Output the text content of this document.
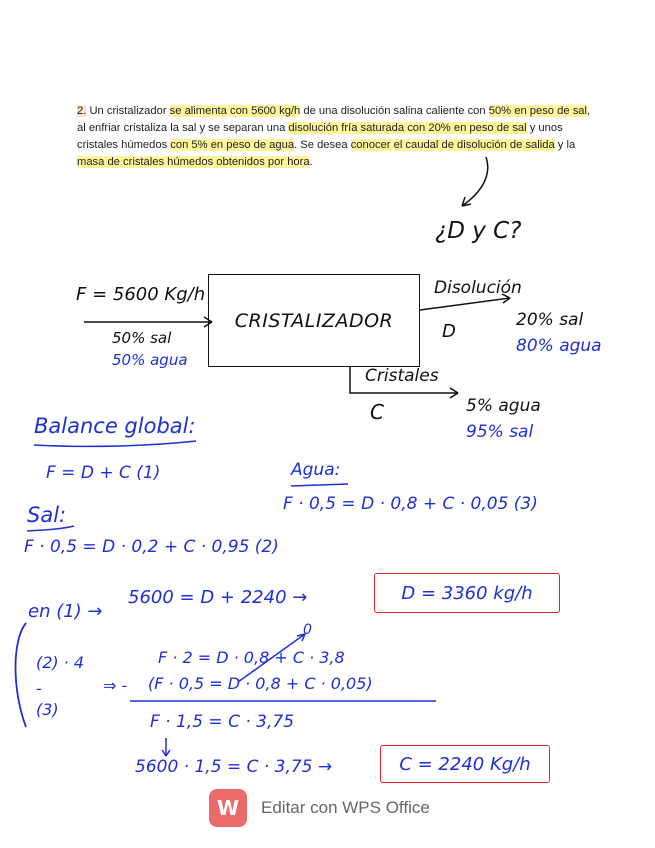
2. Un cristalizador se alimenta con 5600 kg/h de una disolución salina caliente con 50% en peso de sal, al enfriar cristaliza la sal y se separan una disolución fría saturada con 20% en peso de sal y unos cristales húmedos con 5% en peso de agua. Se desea conocer el caudal de disolución de salida y la masa de cristales húmedos obtenidos por hora.
¿D y C?
F = 5600 Kg/h
50% sal
50% agua
CRISTALIZADOR
Disolución
D
20% sal
80% agua
Cristales
C	5% agua
95% sal
Balance global:
F = D + C (1)	Agua:
F · 0,5 = D · 0,8 + C · 0,05 (3)
Sal:
F · 0,5 = D · 0,2 + C · 0,95 (2)
en (1) →
5600 = D + 2240 →	D = 3360 kg/h
(2) · 4
-
(3)
F · 2 = D · 0,8 + C · 3,8
0
⇒ - (F · 0,5 = D · 0,8 + C · 0,05)
F · 1,5 = C · 3,75
5600 · 1,5 = C · 3,75 →	C = 2240 Kg/h
W	Editar con WPS Office
